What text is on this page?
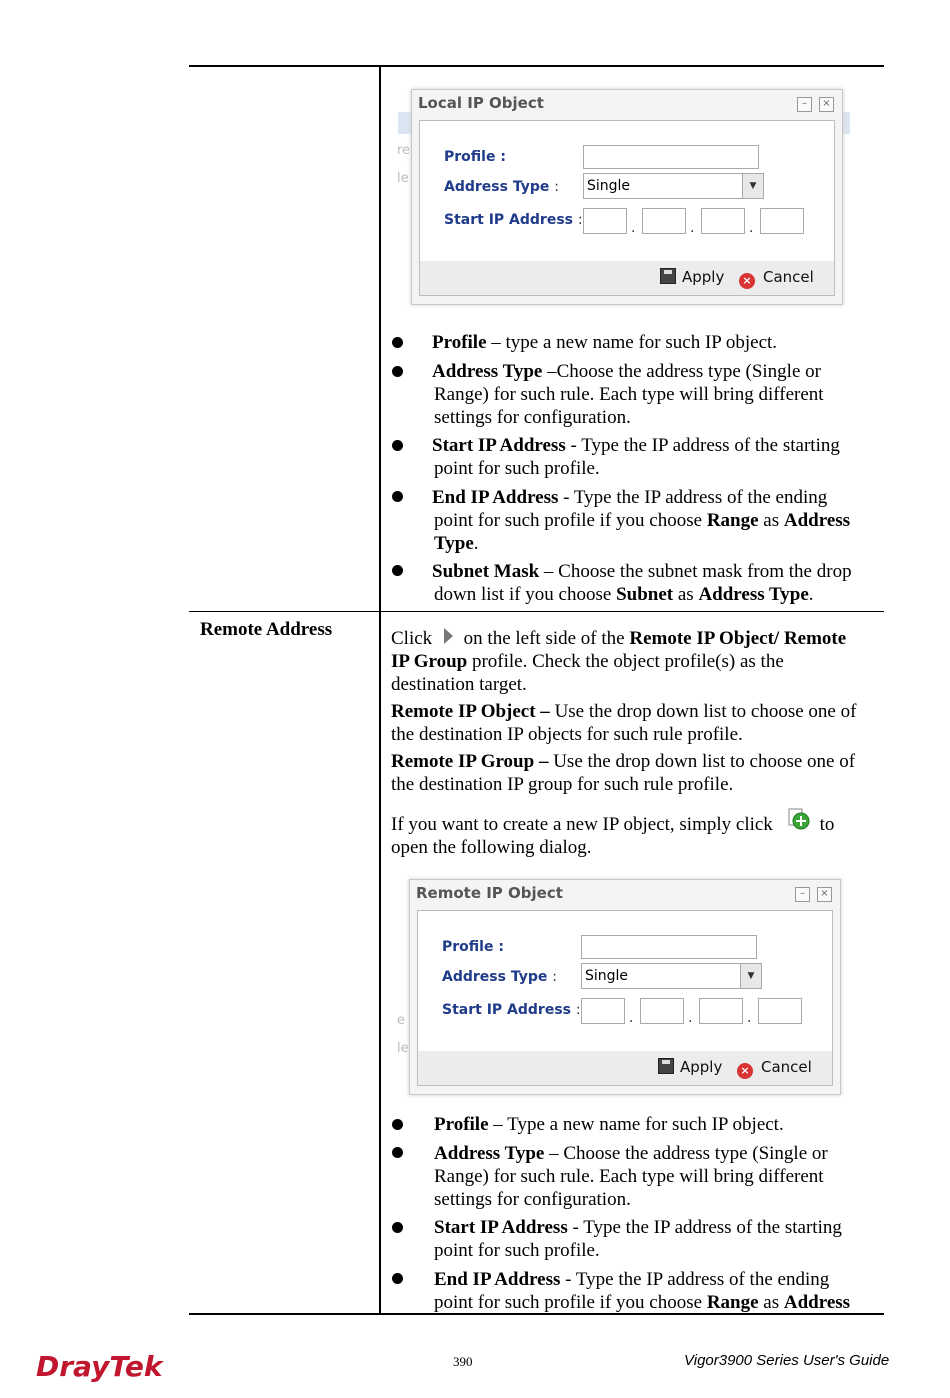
re
le
Local IP Object	–	×
Profile :
Address Type : Single	▼
Start IP Address :	.	.	.
Apply	× Cancel
Profile – type a new name for such IP object.
Address Type –Choose the address type (Single or
Range) for such rule. Each type will bring different
settings for configuration.
Start IP Address - Type the IP address of the starting
point for such profile.
End IP Address - Type the IP address of the ending
point for such profile if you choose Range as Address
Type.
Subnet Mask – Choose the subnet mask from the drop
down list if you choose Subnet as Address Type.
Remote Address	Click  on the left side of the Remote IP Object/ Remote
IP Group profile. Check the object profile(s) as the
destination target.
Remote IP Object – Use the drop down list to choose one of
the destination IP objects for such rule profile.
Remote IP Group – Use the drop down list to choose one of
the destination IP group for such rule profile.
If you want to create a new IP object, simply click to
open the following dialog.
e
le
Remote IP Object	–	×
Profile :
Address Type : Single	▼
Start IP Address :	.	.	.
Apply	× Cancel
Profile – Type a new name for such IP object.
Address Type – Choose the address type (Single or
Range) for such rule. Each type will bring different
settings for configuration.
Start IP Address - Type the IP address of the starting
point for such profile.
End IP Address - Type the IP address of the ending
point for such profile if you choose Range as Address
DrayTek	390	Vigor3900 Series User's Guide
